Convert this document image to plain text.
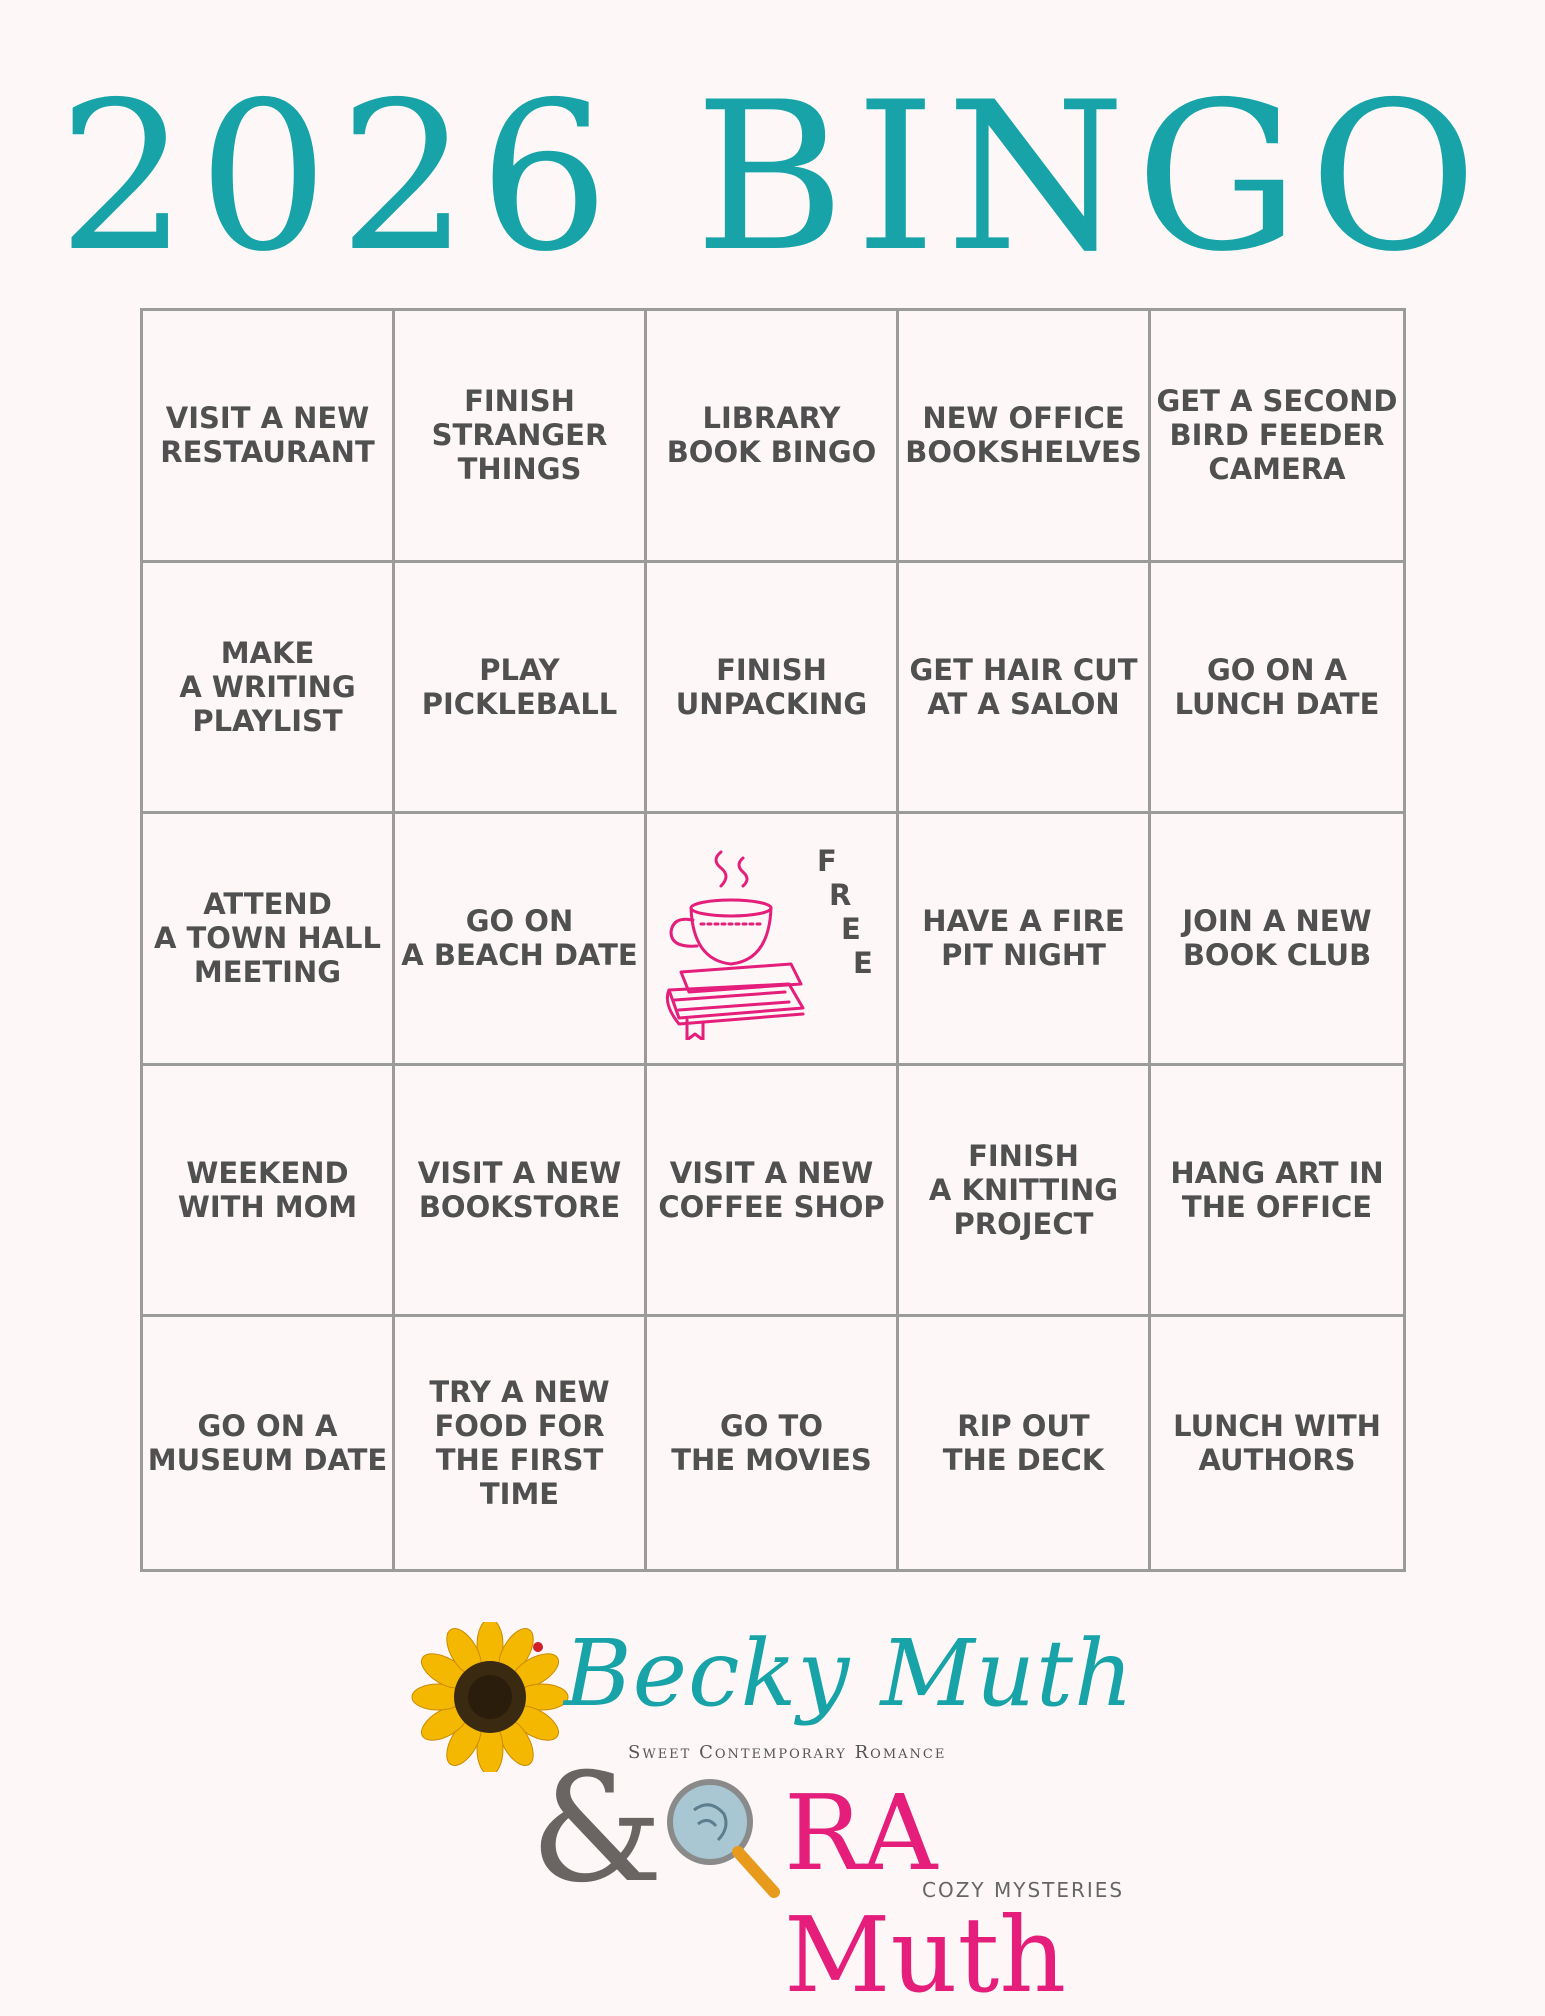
2026 BINGO
VISIT A NEW
RESTAURANT
FINISH
STRANGER
THINGS
LIBRARY
BOOK BINGO
NEW OFFICE
BOOKSHELVES
GET A SECOND
BIRD FEEDER
CAMERA
MAKE
A WRITING
PLAYLIST
PLAY
PICKLEBALL
FINISH
UNPACKING
GET HAIR CUT
AT A SALON
GO ON A
LUNCH DATE
ATTEND
A TOWN HALL
MEETING
GO ON
A BEACH DATE
F
R
E
E
HAVE A FIRE
PIT NIGHT
JOIN A NEW
BOOK CLUB
WEEKEND
WITH MOM
VISIT A NEW
BOOKSTORE
VISIT A NEW
COFFEE SHOP
FINISH
A KNITTING
PROJECT
HANG ART IN
THE OFFICE
GO ON A
MUSEUM DATE
TRY A NEW
FOOD FOR
THE FIRST TIME
GO TO
THE MOVIES
RIP OUT
THE DECK
LUNCH WITH
AUTHORS
Becky Muth
Sweet Contemporary Romance
& RA Muth
COZY MYSTERIES
